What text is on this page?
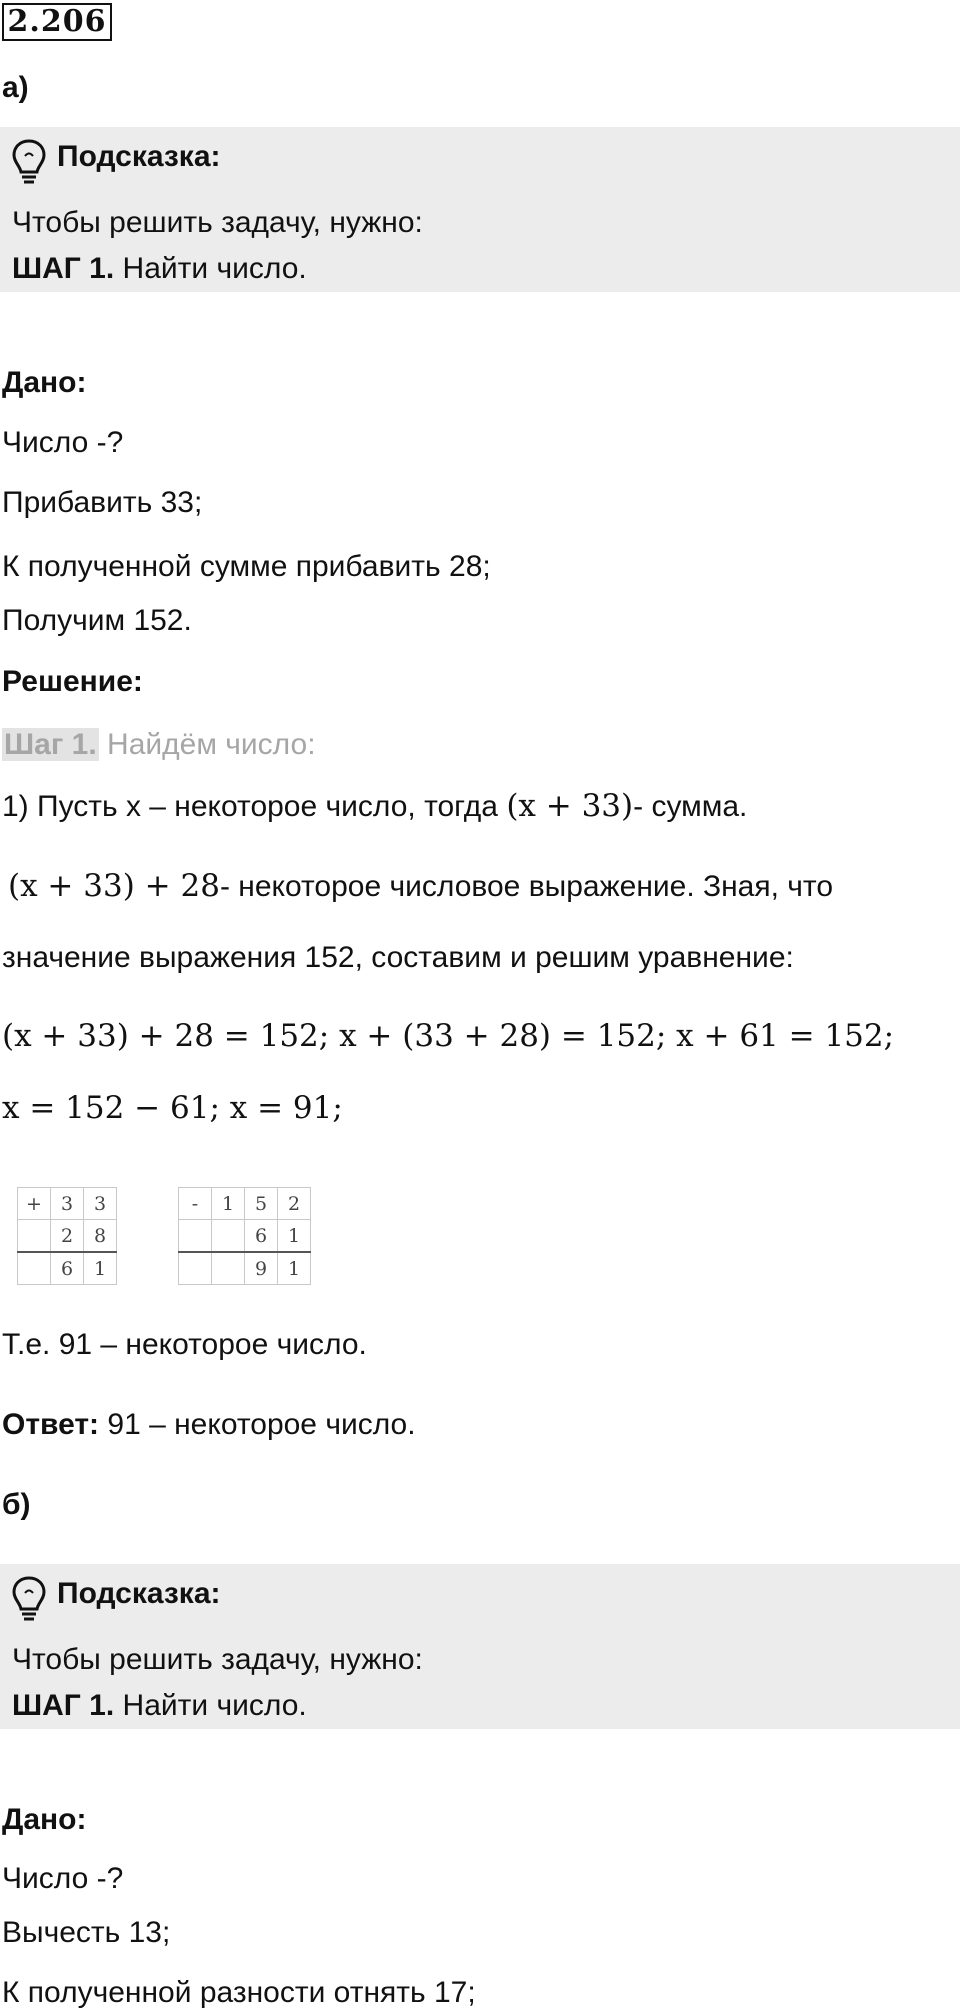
2.206
а)
Подсказка:
Чтобы решить задачу, нужно:
ШАГ 1. Найти число.
Дано:
Число -?
Прибавить 33;
К полученной сумме прибавить 28;
Получим 152.
Решение:
Шаг 1. Найдём число:
1) Пусть x – некоторое число, тогда (x + 33)- сумма.
(x + 33) + 28- некоторое числовое выражение. Зная, что
значение выражения 152, составим и решим уравнение:
(x + 33) + 28 = 152; x + (33 + 28) = 152; x + 61 = 152;
x = 152 − 61; x = 91;
+	3	3
	2	8
	6	1
-	1	5	2
		6	1
		9	1
Т.е. 91 – некоторое число.
Ответ: 91 – некоторое число.
б)
Подсказка:
Чтобы решить задачу, нужно:
ШАГ 1. Найти число.
Дано:
Число -?
Вычесть 13;
К полученной разности отнять 17;
